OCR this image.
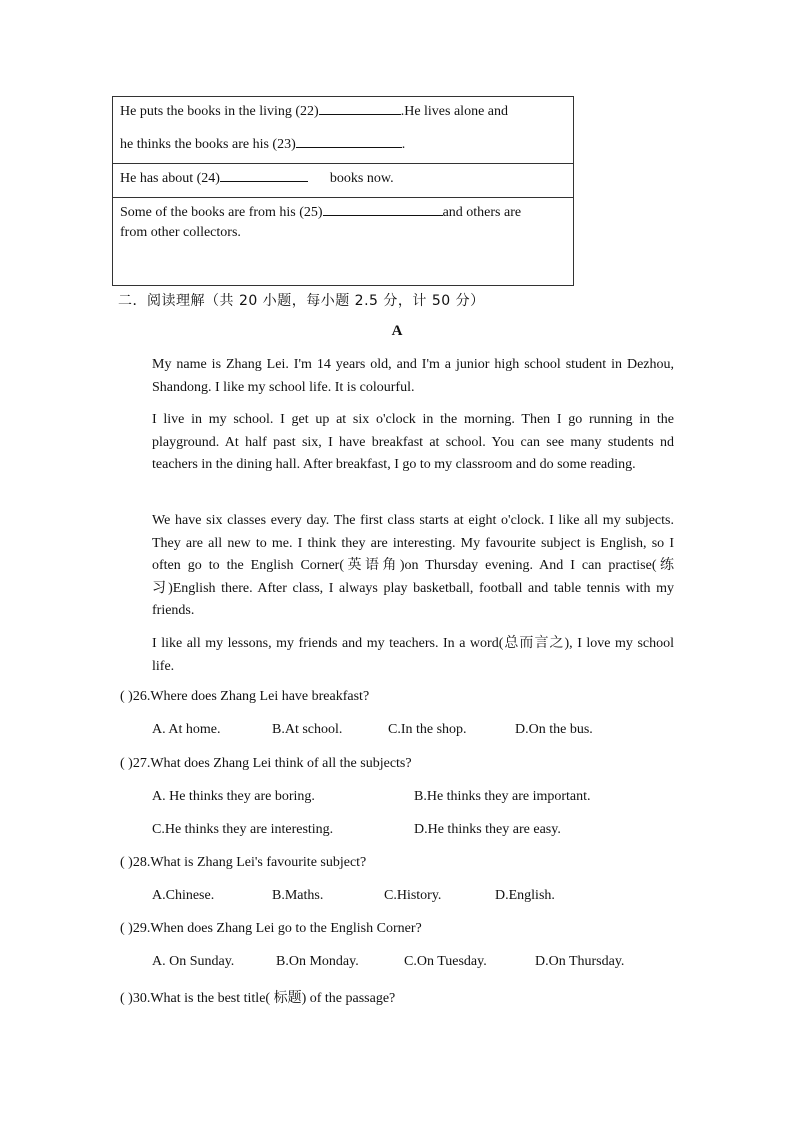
He puts the books in the living (22)	.He lives alone and
he thinks the books are his (23)	.
He has about (24)	books now.
Some of the books are from his (25)	and others are
from other collectors.
二．阅读理解（共 20 小题，每小题 2.5 分，计 50 分）
A
My name is Zhang Lei. I'm 14 years old, and I'm a junior high school student in Dezhou, Shandong. I like my school life. It is colourful.
I live in my school. I get up at six o'clock in the morning. Then I go running in the playground. At half past six, I have breakfast at school. You can see many students nd teachers in the dining hall. After breakfast, I go to my classroom and do some reading.
We have six classes every day. The first class starts at eight o'clock. I like all my subjects. They are all new to me. I think they are interesting. My favourite subject is English, so I often go to the English Corner(英语角)on Thursday evening. And I can practise(练习)English there. After class, I always play basketball, football and table tennis with my friends.
I like all my lessons, my friends and my teachers. In a word(总而言之), I love my school life.
( )26.Where does Zhang Lei have breakfast?
A. At home.	B.At school.	C.In the shop.	D.On the bus.
( )27.What does Zhang Lei think of all the subjects?
A. He thinks they are boring.	B.He thinks they are important.
C.He thinks they are interesting.	D.He thinks they are easy.
( )28.What is Zhang Lei's favourite subject?
A.Chinese.	B.Maths.	C.History.	D.English.
( )29.When does Zhang Lei go to the English Corner?
A. On Sunday.	B.On Monday.	C.On Tuesday.	D.On Thursday.
( )30.What is the best title( 标题) of the passage?
